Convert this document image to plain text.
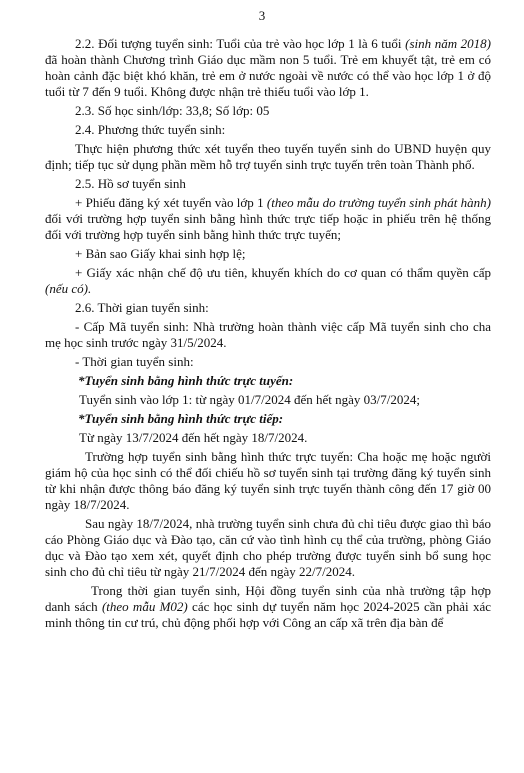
3

2.2. Đối tượng tuyển sinh: Tuổi của trẻ vào học lớp 1 là 6 tuổi (sinh năm 2018) đã hoàn thành Chương trình Giáo dục mầm non 5 tuổi. Trẻ em khuyết tật, trẻ em có hoàn cảnh đặc biệt khó khăn, trẻ em ở nước ngoài về nước có thể vào học lớp 1 ở độ tuổi từ 7 đến 9 tuổi. Không được nhận trẻ thiếu tuổi vào lớp 1.

2.3. Số học sinh/lớp: 33,8; Số lớp: 05

2.4. Phương thức tuyển sinh:

Thực hiện phương thức xét tuyển theo tuyến tuyển sinh do UBND huyện quy định; tiếp tục sử dụng phần mềm hỗ trợ tuyển sinh trực tuyến trên toàn Thành phố.

2.5. Hồ sơ tuyển sinh

+ Phiếu đăng ký xét tuyển vào lớp 1 (theo mẫu do trường tuyển sinh phát hành) đối với trường hợp tuyển sinh bằng hình thức trực tiếp hoặc in phiếu trên hệ thống đối với trường hợp tuyển sinh bằng hình thức trực tuyến;

+ Bản sao Giấy khai sinh hợp lệ;

+ Giấy xác nhận chế độ ưu tiên, khuyến khích do cơ quan có thẩm quyền cấp (nếu có).

2.6. Thời gian tuyển sinh:

- Cấp Mã tuyển sinh: Nhà trường hoàn thành việc cấp Mã tuyển sinh cho cha mẹ học sinh trước ngày 31/5/2024.

- Thời gian tuyển sinh:

*Tuyển sinh bằng hình thức trực tuyến:

Tuyển sinh vào lớp 1: từ ngày 01/7/2024 đến hết ngày 03/7/2024;

*Tuyển sinh bằng hình thức trực tiếp:

Từ ngày 13/7/2024 đến hết ngày 18/7/2024.

Trường hợp tuyển sinh bằng hình thức trực tuyến: Cha hoặc mẹ hoặc người giám hộ của học sinh có thể đối chiếu hồ sơ tuyển sinh tại trường đăng ký tuyển sinh từ khi nhận được thông báo đăng ký tuyển sinh trực tuyến thành công đến 17 giờ 00 ngày 18/7/2024.

Sau ngày 18/7/2024, nhà trường tuyển sinh chưa đủ chỉ tiêu được giao thì báo cáo Phòng Giáo dục và Đào tạo, căn cứ vào tình hình cụ thể của trường, phòng Giáo dục và Đào tạo xem xét, quyết định cho phép trường được tuyển sinh bổ sung học sinh cho đủ chỉ tiêu từ ngày 21/7/2024 đến ngày 22/7/2024.

Trong thời gian tuyển sinh, Hội đồng tuyển sinh của nhà trường tập hợp danh sách (theo mẫu M02) các học sinh dự tuyển năm học 2024-2025 cần phải xác minh thông tin cư trú, chủ động phối hợp với Công an cấp xã trên địa bàn để
